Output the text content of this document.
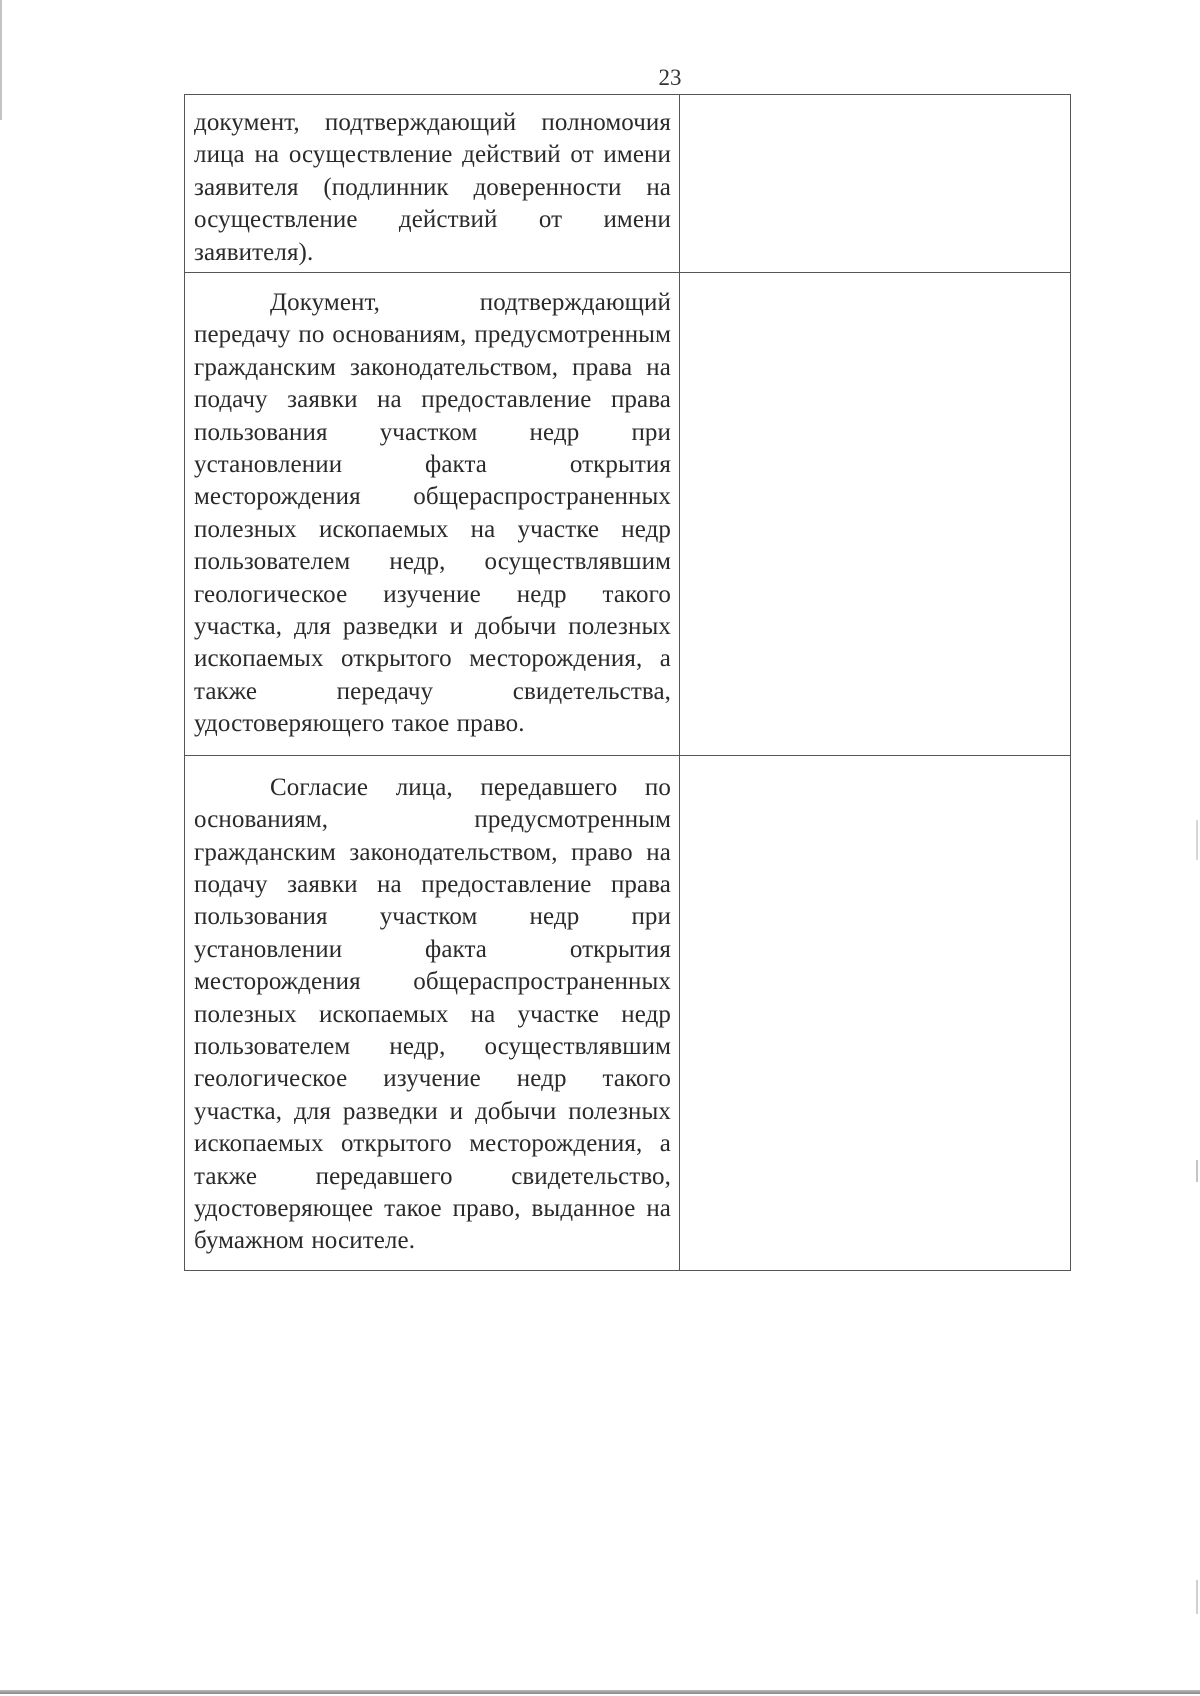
23

документ, подтверждающий полномочия лица на осуществление действий от имени заявителя (подлинник доверенности на осуществление действий от имени заявителя).	

Документ, подтверждающий передачу по основаниям, предусмотренным гражданским законодательством, права на подачу заявки на предоставление права пользования участком недр при установлении факта открытия месторождения общераспространенных полезных ископаемых на участке недр пользователем недр, осуществлявшим геологическое изучение недр такого участка, для разведки и добычи полезных ископаемых открытого месторождения, а также передачу свидетельства, удостоверяющего такое право.	

Согласие лица, передавшего по основаниям, предусмотренным гражданским законодательством, право на подачу заявки на предоставление права пользования участком недр при установлении факта открытия месторождения общераспространенных полезных ископаемых на участке недр пользователем недр, осуществлявшим геологическое изучение недр такого участка, для разведки и добычи полезных ископаемых открытого месторождения, а также передавшего свидетельство, удостоверяющее такое право, выданное на бумажном носителе.	
